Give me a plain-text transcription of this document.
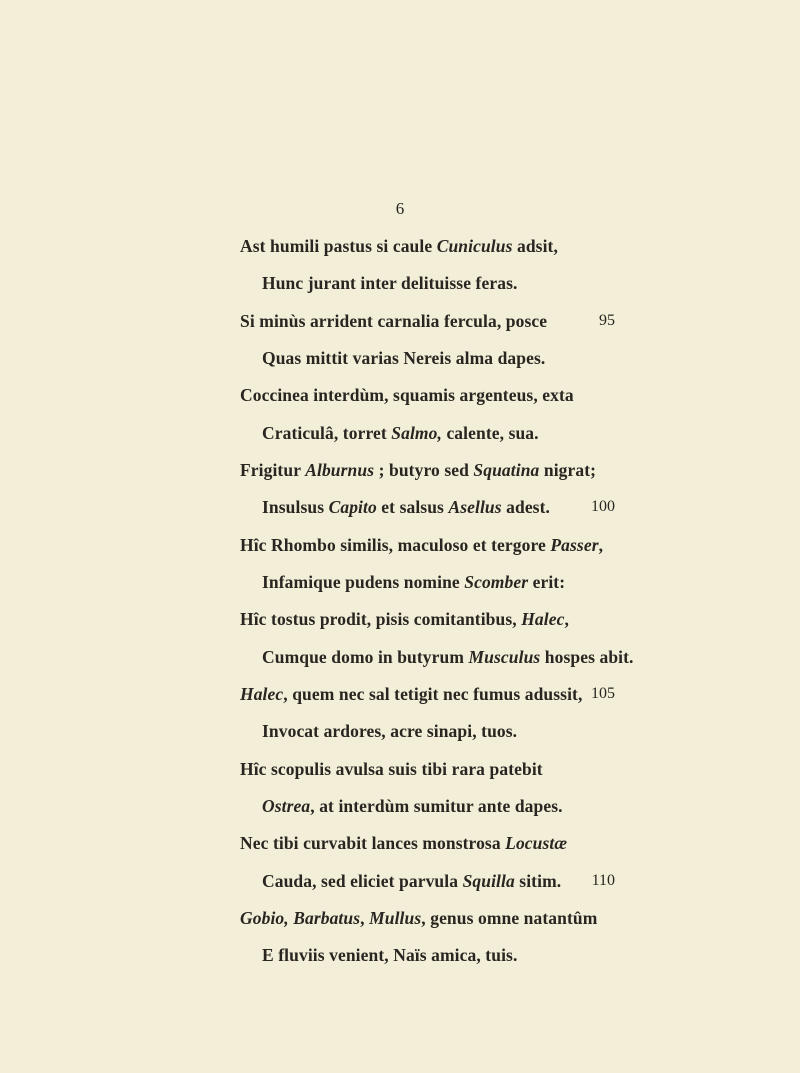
6
Ast humili pastus si caule Cuniculus adsit,
Hunc jurant inter delituisse feras.
Si minùs arrident carnalia fercula, posce	95
Quas mittit varias Nereis alma dapes.
Coccinea interdùm, squamis argenteus, exta
Craticulâ, torret Salmo, calente, sua.
Frigitur Alburnus ; butyro sed Squatina nigrat;
Insulsus Capito et salsus Asellus adest.	100
Hîc Rhombo similis, maculoso et tergore Passer,
Infamique pudens nomine Scomber erit:
Hîc tostus prodit, pisis comitantibus, Halec,
Cumque domo in butyrum Musculus hospes abit.
Halec, quem nec sal tetigit nec fumus adussit, 105
Invocat ardores, acre sinapi, tuos.
Hîc scopulis avulsa suis tibi rara patebit
Ostrea, at interdùm sumitur ante dapes.
Nec tibi curvabit lances monstrosa Locustæ
Cauda, sed eliciet parvula Squilla sitim. 110
Gobio, Barbatus, Mullus, genus omne natantûm
E fluviis venient, Naïs amica, tuis.
